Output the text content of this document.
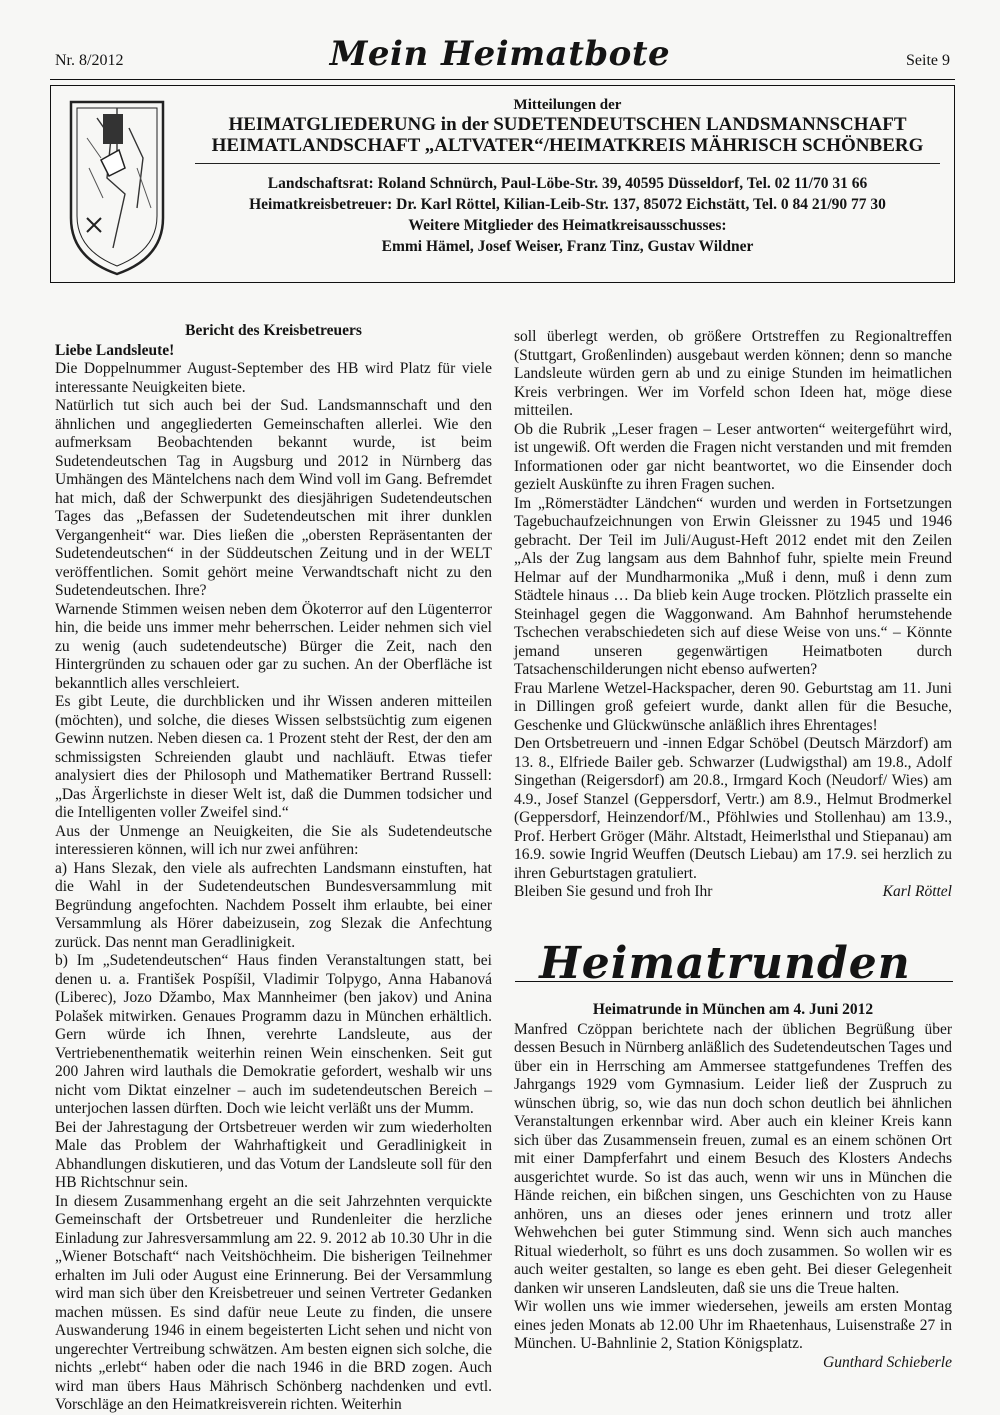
Nr. 8/2012	Mein Heimatbote	Seite 9
Mitteilungen der
HEIMATGLIEDERUNG in der SUDETENDEUTSCHEN LANDSMANNSCHAFT
HEIMATLANDSCHAFT „ALTVATER“/HEIMATKREIS MÄHRISCH SCHÖNBERG
Landschaftsrat: Roland Schnürch, Paul-Löbe-Str. 39, 40595 Düsseldorf, Tel. 02 11/70 31 66
Heimatkreisbetreuer: Dr. Karl Röttel, Kilian-Leib-Str. 137, 85072 Eichstätt, Tel. 0 84 21/90 77 30
Weitere Mitglieder des Heimatkreisausschusses:
Emmi Hämel, Josef Weiser, Franz Tinz, Gustav Wildner

Bericht des Kreisbetreuers

Liebe Landsleute!

Die Doppelnummer August-September des HB wird Platz für viele interessante Neuigkeiten biete.

Natürlich tut sich auch bei der Sud. Landsmannschaft und den ähnlichen und angegliederten Gemeinschaften allerlei. Wie den aufmerksam Beobachtenden bekannt wurde, ist beim Sudetendeutschen Tag in Augsburg und 2012 in Nürnberg das Umhängen des Mäntelchens nach dem Wind voll im Gang. Befremdet hat mich, daß der Schwerpunkt des diesjährigen Sudetendeutschen Tages das „Befassen der Sudetendeutschen mit ihrer dunklen Vergangenheit“ war. Dies ließen die „obersten Repräsentanten der Sudetendeutschen“ in der Süddeutschen Zeitung und in der WELT veröffentlichen. Somit gehört meine Verwandtschaft nicht zu den Sudetendeutschen. Ihre?

Warnende Stimmen weisen neben dem Ökoterror auf den Lügenterror hin, die beide uns immer mehr beherrschen. Leider nehmen sich viel zu wenig (auch sudetendeutsche) Bürger die Zeit, nach den Hintergründen zu schauen oder gar zu suchen. An der Oberfläche ist bekanntlich alles verschleiert.

Es gibt Leute, die durchblicken und ihr Wissen anderen mitteilen (möchten), und solche, die dieses Wissen selbstsüchtig zum eigenen Gewinn nutzen. Neben diesen ca. 1 Prozent steht der Rest, der den am schmissigsten Schreienden glaubt und nachläuft. Etwas tiefer analysiert dies der Philosoph und Mathematiker Bertrand Russell: „Das Ärgerlichste in dieser Welt ist, daß die Dummen todsicher und die Intelligenten voller Zweifel sind.“

Aus der Unmenge an Neuigkeiten, die Sie als Sudetendeutsche interessieren können, will ich nur zwei anführen:

a) Hans Slezak, den viele als aufrechten Landsmann einstuften, hat die Wahl in der Sudetendeutschen Bundesversammlung mit Begründung angefochten. Nachdem Posselt ihm erlaubte, bei einer Versammlung als Hörer dabeizusein, zog Slezak die Anfechtung zurück. Das nennt man Geradlinigkeit.

b) Im „Sudetendeutschen“ Haus finden Veranstaltungen statt, bei denen u. a. František Pospíšil, Vladimir Tolpygo, Anna Habanová (Liberec), Jozo Džambo, Max Mannheimer (ben jakov) und Anina Polašek mitwirken. Genaues Programm dazu in München erhältlich. Gern würde ich Ihnen, verehrte Landsleute, aus der Vertriebenenthematik weiterhin reinen Wein einschenken. Seit gut 200 Jahren wird lauthals die Demokratie gefordert, weshalb wir uns nicht vom Diktat einzelner – auch im sudetendeutschen Bereich – unterjochen lassen dürften. Doch wie leicht verläßt uns der Mumm.

Bei der Jahrestagung der Ortsbetreuer werden wir zum wiederholten Male das Problem der Wahrhaftigkeit und Geradlinigkeit in Abhandlungen diskutieren, und das Votum der Landsleute soll für den HB Richtschnur sein.

In diesem Zusammenhang ergeht an die seit Jahrzehnten verquickte Gemeinschaft der Ortsbetreuer und Rundenleiter die herzliche Einladung zur Jahresversammlung am 22. 9. 2012 ab 10.30 Uhr in die „Wiener Botschaft“ nach Veitshöchheim. Die bisherigen Teilnehmer erhalten im Juli oder August eine Erinnerung. Bei der Versammlung wird man sich über den Kreisbetreuer und seinen Vertreter Gedanken machen müssen. Es sind dafür neue Leute zu finden, die unsere Auswanderung 1946 in einem begeisterten Licht sehen und nicht von ungerechter Vertreibung schwätzen. Am besten eignen sich solche, die nichts „erlebt“ haben oder die nach 1946 in die BRD zogen. Auch wird man übers Haus Mährisch Schönberg nachdenken und evtl. Vorschläge an den Heimatkreisverein richten. Weiterhin

soll überlegt werden, ob größere Ortstreffen zu Regionaltreffen (Stuttgart, Großenlinden) ausgebaut werden können; denn so manche Landsleute würden gern ab und zu einige Stunden im heimatlichen Kreis verbringen. Wer im Vorfeld schon Ideen hat, möge diese mitteilen.

Ob die Rubrik „Leser fragen – Leser antworten“ weitergeführt wird, ist ungewiß. Oft werden die Fragen nicht verstanden und mit fremden Informationen oder gar nicht beantwortet, wo die Einsender doch gezielt Auskünfte zu ihren Fragen suchen.

Im „Römerstädter Ländchen“ wurden und werden in Fortsetzungen Tagebuchaufzeichnungen von Erwin Gleissner zu 1945 und 1946 gebracht. Der Teil im Juli/August-Heft 2012 endet mit den Zeilen „Als der Zug langsam aus dem Bahnhof fuhr, spielte mein Freund Helmar auf der Mundharmonika „Muß i denn, muß i denn zum Städtele hinaus … Da blieb kein Auge trocken. Plötzlich prasselte ein Steinhagel gegen die Waggonwand. Am Bahnhof herumstehende Tschechen verabschiedeten sich auf diese Weise von uns.“ – Könnte jemand unseren gegenwärtigen Heimatboten durch Tatsachenschilderungen nicht ebenso aufwerten?

Frau Marlene Wetzel-Hackspacher, deren 90. Geburtstag am 11. Juni in Dillingen groß gefeiert wurde, dankt allen für die Besuche, Geschenke und Glückwünsche anläßlich ihres Ehrentages!

Den Ortsbetreuern und -innen Edgar Schöbel (Deutsch Märzdorf) am 13. 8., Elfriede Bailer geb. Schwarzer (Ludwigsthal) am 19.8., Adolf Singethan (Reigersdorf) am 20.8., Irmgard Koch (Neudorf/ Wies) am 4.9., Josef Stanzel (Geppersdorf, Vertr.) am 8.9., Helmut Brodmerkel (Geppersdorf, Heinzendorf/M., Pföhlwies und Stollenhau) am 13.9., Prof. Herbert Gröger (Mähr. Altstadt, Heimerlsthal und Stiepanau) am 16.9. sowie Ingrid Weuffen (Deutsch Liebau) am 17.9. sei herzlich zu ihren Geburtstagen gratuliert.

Bleiben Sie gesund und froh Ihr	Karl Röttel
Heimatrunden

Heimatrunde in München am 4. Juni 2012

Manfred Czöppan berichtete nach der üblichen Begrüßung über dessen Besuch in Nürnberg anläßlich des Sudetendeutschen Tages und über ein in Herrsching am Ammersee stattgefundenes Treffen des Jahrgangs 1929 vom Gymnasium. Leider ließ der Zuspruch zu wünschen übrig, so, wie das nun doch schon deutlich bei ähnlichen Veranstaltungen erkennbar wird. Aber auch ein kleiner Kreis kann sich über das Zusammensein freuen, zumal es an einem schönen Ort mit einer Dampferfahrt und einem Besuch des Klosters Andechs ausgerichtet wurde. So ist das auch, wenn wir uns in München die Hände reichen, ein bißchen singen, uns Geschichten von zu Hause anhören, uns an dieses oder jenes erinnern und trotz aller Wehwehchen bei guter Stimmung sind. Wenn sich auch manches Ritual wiederholt, so führt es uns doch zusammen. So wollen wir es auch weiter gestalten, so lange es eben geht. Bei dieser Gelegenheit danken wir unseren Landsleuten, daß sie uns die Treue halten.

Wir wollen uns wie immer wiedersehen, jeweils am ersten Montag eines jeden Monats ab 12.00 Uhr im Rhaetenhaus, Luisenstraße 27 in München. U-Bahnlinie 2, Station Königsplatz.

Gunthard Schieberle
